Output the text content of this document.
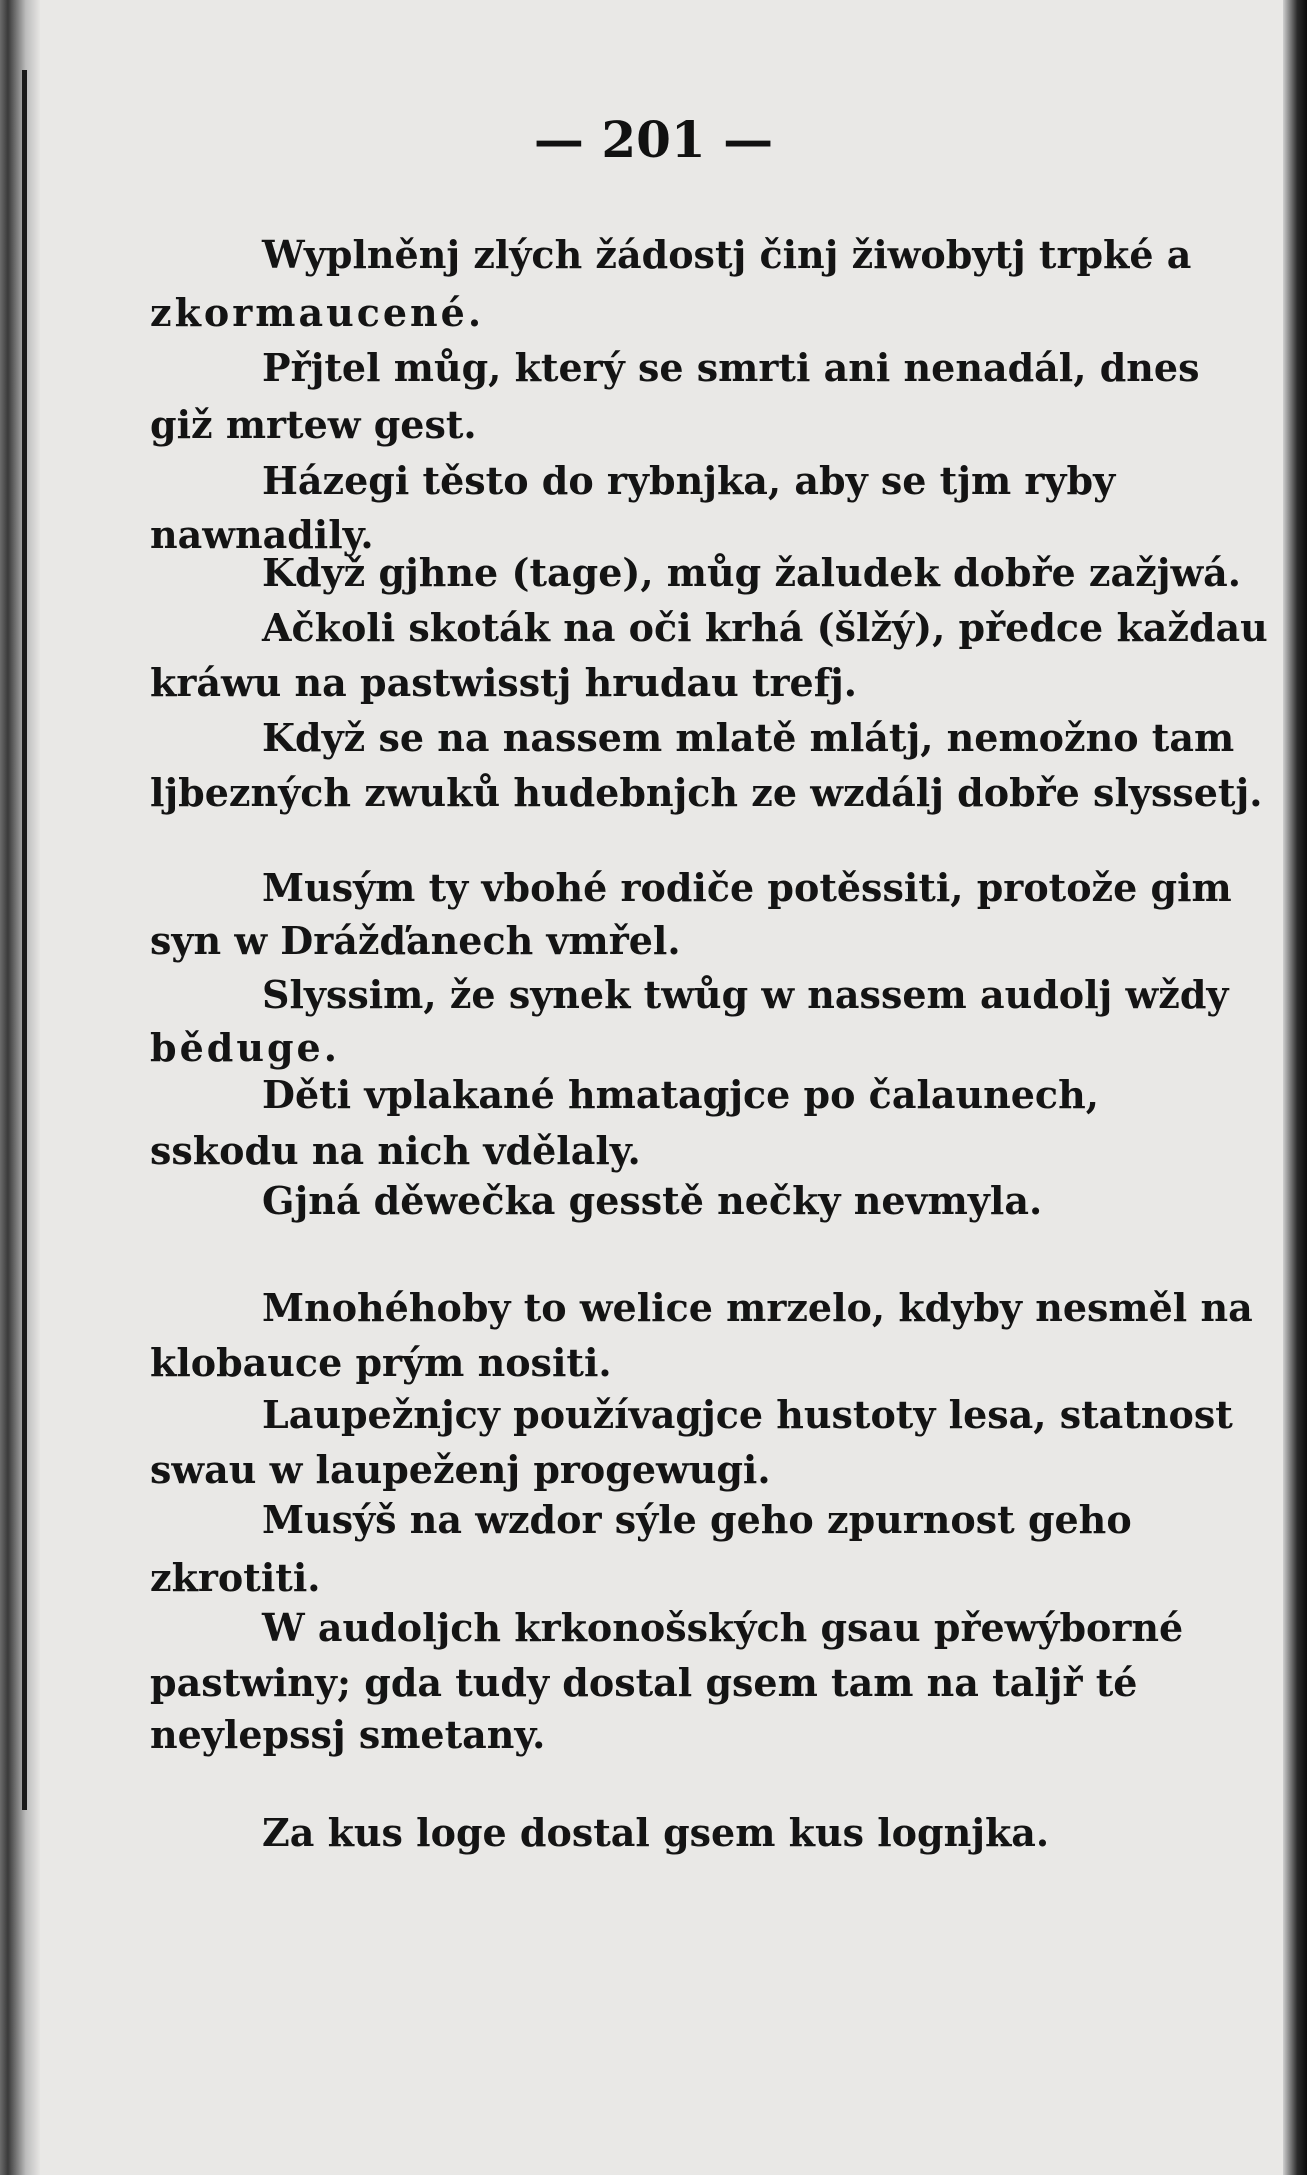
— 201 —
Wyplněnj zlých žádostj činj žiwobytj trpké a
zkormaucené.
Přjtel můg, který se smrti ani nenadál, dnes
giž mrtew gest.
Házegi těsto do rybnjka, aby se tjm ryby
nawnadily.
Když gjhne (tage), můg žaludek dobře zažjwá.
Ačkoli skoták na oči krhá (šlžý), předce každau
kráwu na pastwisstj hrudau trefj.
Když se na nassem mlatě mlátj, nemožno tam
ljbezných zwuků hudebnjch ze wzdálj dobře slyssetj.
Musým ty vbohé rodiče potěssiti, protože gim
syn w Drážďanech vmřel.
Slyssim, že synek twůg w nassem audolj wždy
běduge.
Děti vplakané hmatagjce po čalaunech,
sskodu na nich vdělaly.
Gjná děwečka gesstě nečky nevmyla.
Mnohéhoby to welice mrzelo, kdyby nesměl na
klobauce prým nositi.
Laupežnjcy používagjce hustoty lesa, statnost
swau w laupeženj progewugi.
Musýš na wzdor sýle geho zpurnost geho
zkrotiti.
W audoljch krkonošských gsau přewýborné
pastwiny; gda tudy dostal gsem tam na taljř té
neylepssj smetany.
Za kus loge dostal gsem kus lognjka.
